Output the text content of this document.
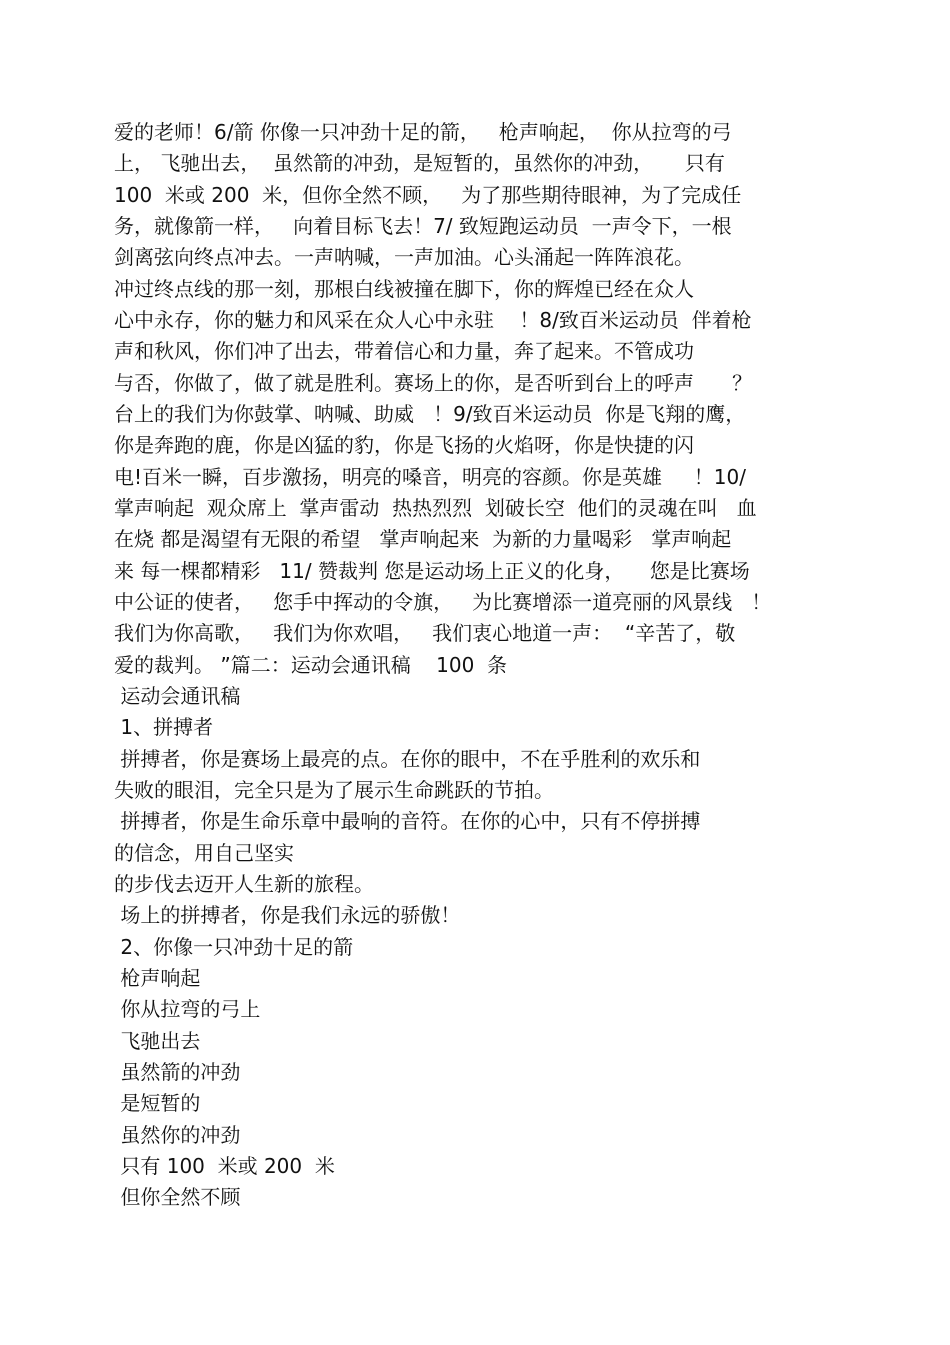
爱的老师！6/箭 你像一只冲劲十足的箭，   枪声响起，  你从拉弯的弓
上， 飞驰出去，  虽然箭的冲劲，是短暂的，虽然你的冲劲，     只有
100  米或 200  米，但你全然不顾，   为了那些期待眼神，为了完成任
务，就像箭一样，   向着目标飞去！7/ 致短跑运动员  一声令下，一根
剑离弦向终点冲去。一声呐喊，一声加油。心头涌起一阵阵浪花。
冲过终点线的那一刻，那根白线被撞在脚下，你的辉煌已经在众人
心中永存，你的魅力和风采在众人心中永驻    ！8/致百米运动员  伴着枪
声和秋风，你们冲了出去，带着信心和力量，奔了起来。不管成功
与否，你做了，做了就是胜利。赛场上的你，是否听到台上的呼声      ？
台上的我们为你鼓掌、呐喊、助威   ！9/致百米运动员  你是飞翔的鹰，
你是奔跑的鹿，你是凶猛的豹，你是飞扬的火焰呀，你是快捷的闪
电!百米一瞬，百步激扬，明亮的嗓音，明亮的容颜。你是英雄     ！10/
掌声响起  观众席上  掌声雷动  热热烈烈  划破长空  他们的灵魂在叫   血
在烧 都是渴望有无限的希望   掌声响起来  为新的力量喝彩   掌声响起
来 每一棵都精彩   11/ 赞裁判 您是运动场上正义的化身，    您是比赛场
中公证的使者，   您手中挥动的令旗，   为比赛增添一道亮丽的风景线   ！
我们为你高歌，   我们为你欢唱，   我们衷心地道一声：  “辛苦了，敬
爱的裁判。 ”篇二：运动会通讯稿    100  条
运动会通讯稿
1、拼搏者
拼搏者，你是赛场上最亮的点。在你的眼中，不在乎胜利的欢乐和
失败的眼泪，完全只是为了展示生命跳跃的节拍。
拼搏者，你是生命乐章中最响的音符。在你的心中，只有不停拼搏
的信念，用自己坚实
的步伐去迈开人生新的旅程。
场上的拼搏者，你是我们永远的骄傲！
2、你像一只冲劲十足的箭
枪声响起
你从拉弯的弓上
飞驰出去
虽然箭的冲劲
是短暂的
虽然你的冲劲
只有 100  米或 200  米
但你全然不顾
